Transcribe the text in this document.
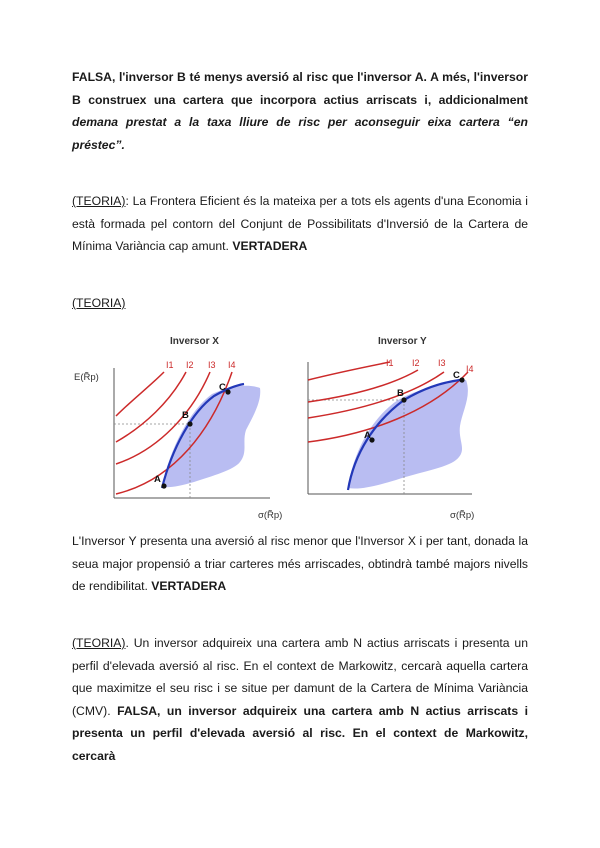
FALSA, l'inversor B té menys aversió al risc que l'inversor A. A més, l'inversor B construex una cartera que incorpora actius arriscats i, addicionalment demana prestat a la taxa lliure de risc per aconseguir eixa cartera “en préstec”.
(TEORIA): La Frontera Eficient és la mateixa per a tots els agents d'una Economia i està formada pel contorn del Conjunt de Possibilitats d'Inversió de la Cartera de Mínima Variància cap amunt. VERTADERA
(TEORIA)
Inversor X
E(R̃p)
I1 I2 I3 I4
A
B
C
σ(R̃p)
Inversor Y
I1 I2 I3
I4
A
B
C
σ(R̃p)
L'Inversor Y presenta una aversió al risc menor que l'Inversor X i per tant, donada la seua major propensió a triar carteres més arriscades, obtindrà també majors nivells de rendibilitat. VERTADERA
(TEORIA). Un inversor adquireix una cartera amb N actius arriscats i presenta un perfil d'elevada aversió al risc. En el context de Markowitz, cercarà aquella cartera que maximitze el seu risc i se situe per damunt de la Cartera de Mínima Variància (CMV). FALSA, un inversor adquireix una cartera amb N actius arriscats i presenta un perfil d'elevada aversió al risc. En el context de Markowitz, cercarà
